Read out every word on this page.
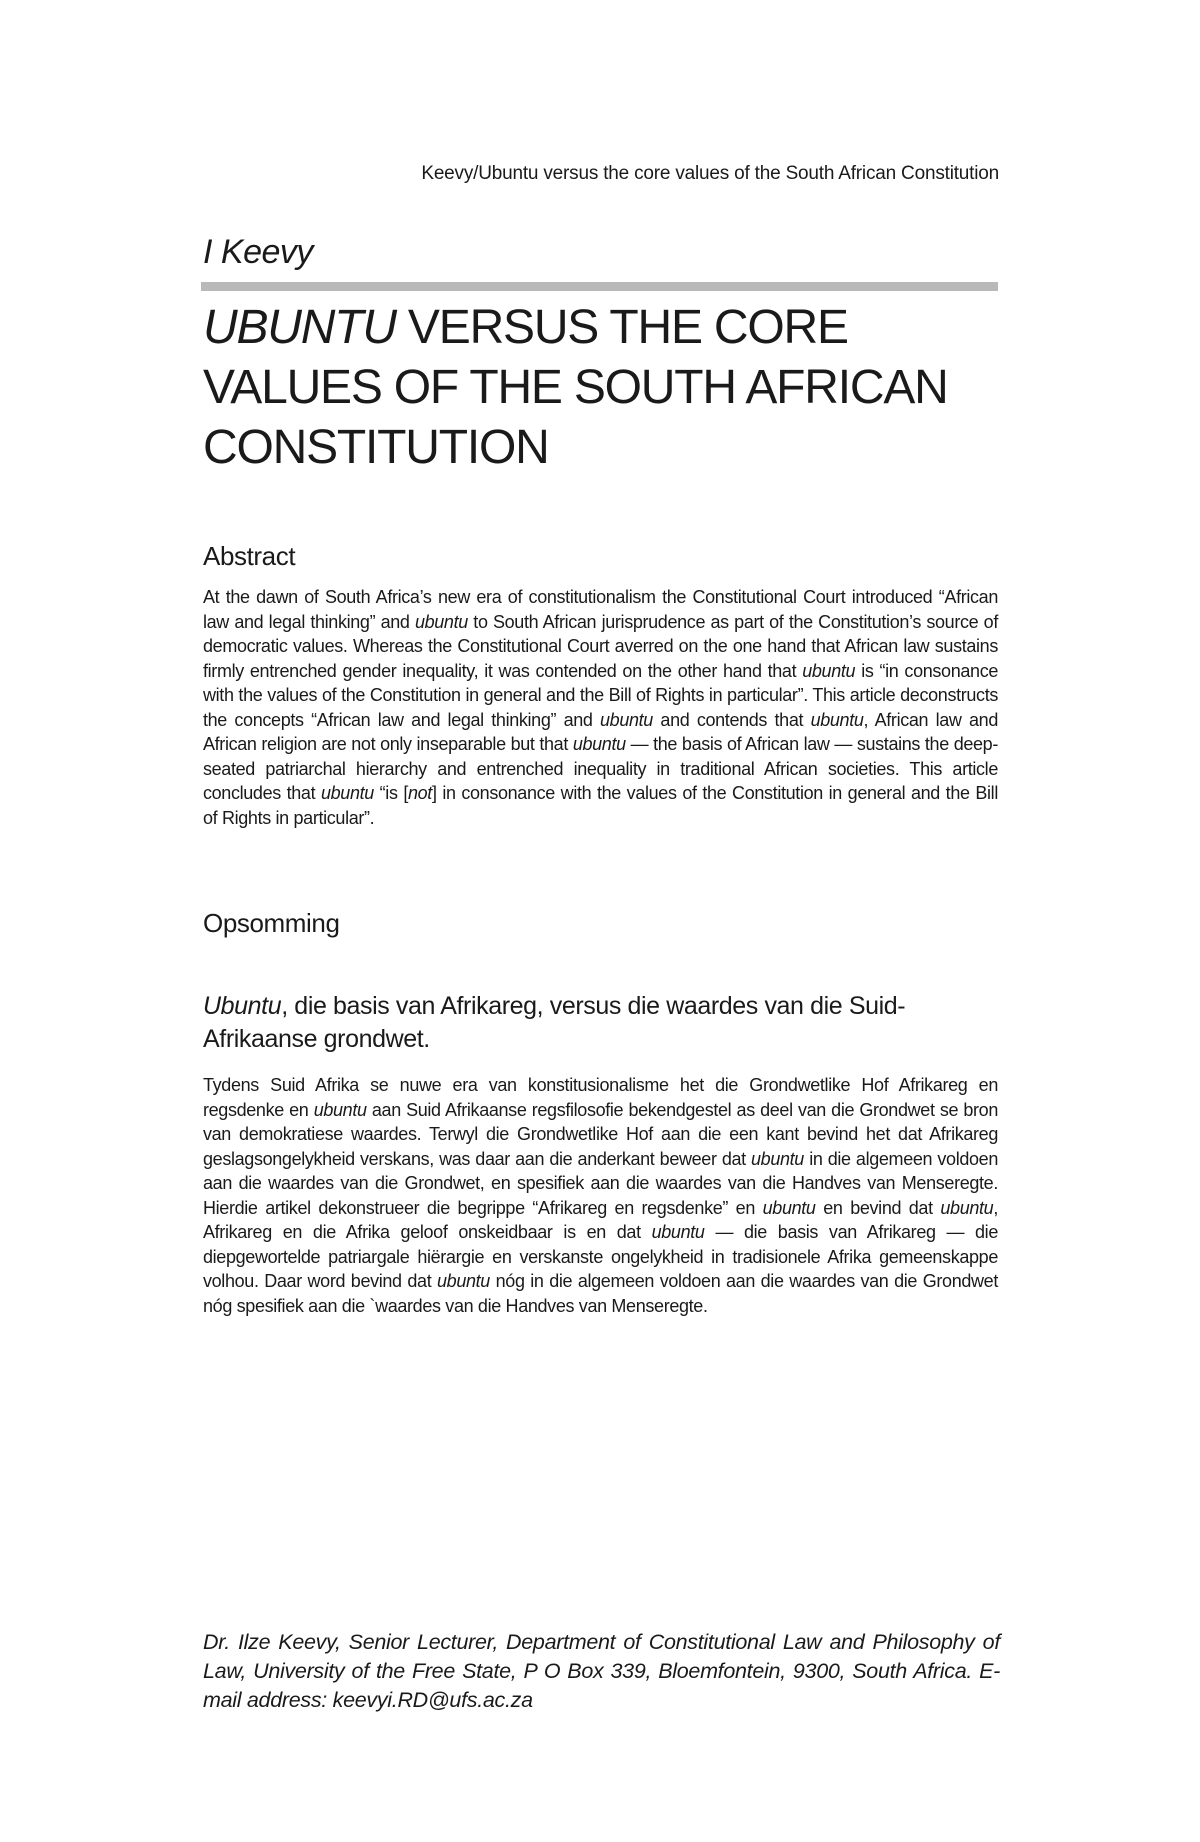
Keevy/Ubuntu versus the core values of the South African Constitution
I Keevy
UBUNTU VERSUS THE CORE VALUES OF THE SOUTH AFRICAN CONSTITUTION
Abstract
At the dawn of South Africa’s new era of constitutionalism the Constitutional Court introduced “African law and legal thinking” and ubuntu to South African jurisprudence as part of the Constitution’s source of democratic values. Whereas the Constitutional Court averred on the one hand that African law sustains firmly entrenched gender inequality, it was contended on the other hand that ubuntu is “in consonance with the values of the Constitution in general and the Bill of Rights in particular”. This article deconstructs the concepts “African law and legal thinking” and ubuntu and contends that ubuntu, African law and African religion are not only inseparable but that ubuntu — the basis of African law — sustains the deep-seated patriarchal hierarchy and entrenched inequality in traditional African societies. This article concludes that ubuntu “is [not] in consonance with the values of the Constitution in general and the Bill of Rights in particular”.
Opsomming
Ubuntu, die basis van Afrikareg, versus die waardes van die Suid-Afrikaanse grondwet.
Tydens Suid Afrika se nuwe era van konstitusionalisme het die Grondwetlike Hof Afrikareg en regsdenke en ubuntu aan Suid Afrikaanse regsfilosofie bekendgestel as deel van die Grondwet se bron van demokratiese waardes. Terwyl die Grondwetlike Hof aan die een kant bevind het dat Afrikareg geslagsongelykheid verskans, was daar aan die anderkant beweer dat ubuntu in die algemeen voldoen aan die waardes van die Grondwet, en spesifiek aan die waardes van die Handves van Menseregte. Hierdie artikel dekonstrueer die begrippe “Afrikareg en regsdenke” en ubuntu en bevind dat ubuntu, Afrikareg en die Afrika geloof onskeidbaar is en dat ubuntu — die basis van Afrikareg — die diepgewortelde patriargale hiërargie en verskanste ongelykheid in tradisionele Afrika gemeenskappe volhou. Daar word bevind dat ubuntu nóg in die algemeen voldoen aan die waardes van die Grondwet nóg spesifiek aan die `waardes van die Handves van Menseregte.
Dr. Ilze Keevy, Senior Lecturer, Department of Constitutional Law and Philosophy of Law, University of the Free State, P O Box 339, Bloemfontein, 9300, South Africa. E-mail address: keevyi.RD@ufs.ac.za
